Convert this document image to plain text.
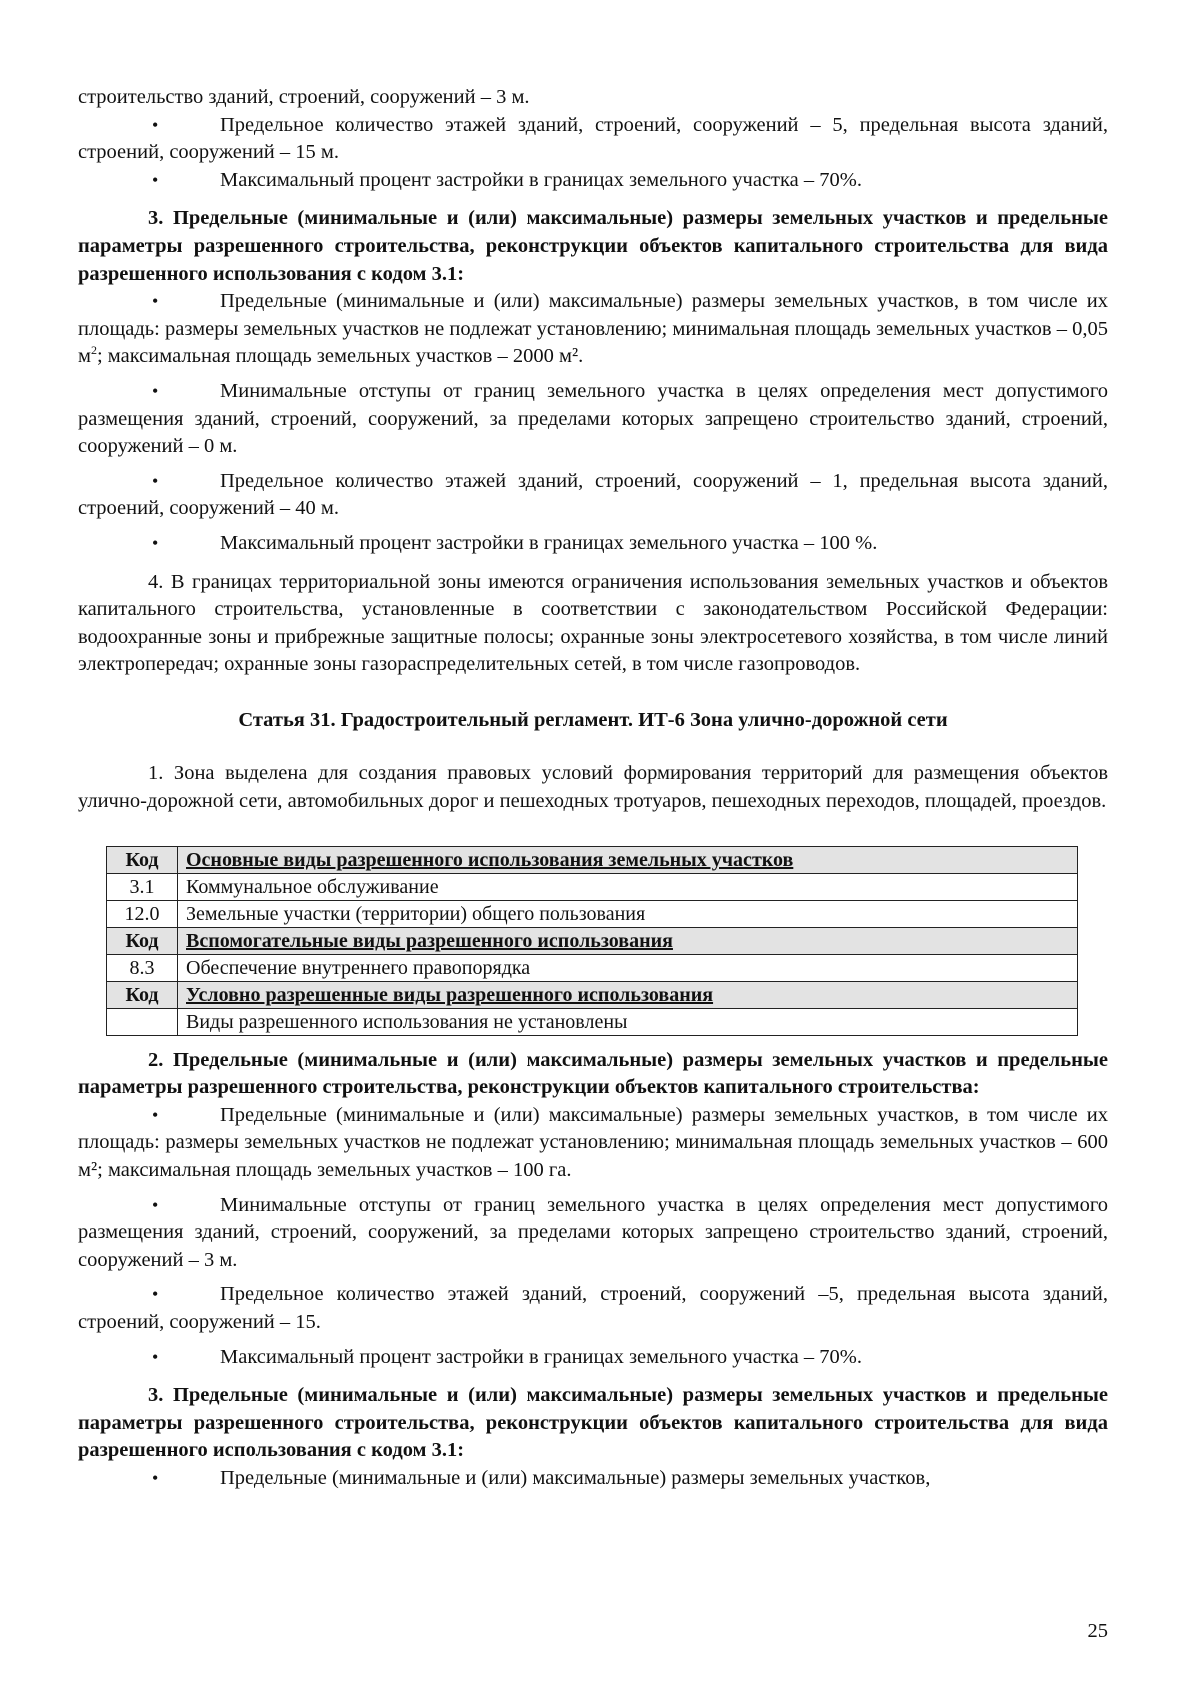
строительство зданий, строений, сооружений – 3 м.

•	Предельное количество этажей зданий, строений, сооружений – 5, предельная высота зданий, строений, сооружений – 15 м.

•	Максимальный процент застройки в границах земельного участка – 70%.

3. Предельные (минимальные и (или) максимальные) размеры земельных участков и предельные параметры разрешенного строительства, реконструкции объектов капитального строительства для вида разрешенного использования с кодом 3.1:

•	Предельные (минимальные и (или) максимальные) размеры земельных участков, в том числе их площадь: размеры земельных участков не подлежат установлению; минимальная площадь земельных участков – 0,05 $м^2$; максимальная площадь земельных участков – 2000 м².

•	Минимальные отступы от границ земельного участка в целях определения мест допустимого размещения зданий, строений, сооружений, за пределами которых запрещено строительство зданий, строений, сооружений – 0 м.

•	Предельное количество этажей зданий, строений, сооружений – 1, предельная высота зданий, строений, сооружений – 40 м.

•	Максимальный процент застройки в границах земельного участка – 100 %.

4. В границах территориальной зоны имеются ограничения использования земельных участков и объектов капитального строительства, установленные в соответствии с законодательством Российской Федерации: водоохранные зоны и прибрежные защитные полосы; охранные зоны электросетевого хозяйства, в том числе линий электропередач; охранные зоны газораспределительных сетей, в том числе газопроводов.

Статья 31. Градостроительный регламент. ИТ-6 Зона улично-дорожной сети

1. Зона выделена для создания правовых условий формирования территорий для размещения объектов улично-дорожной сети, автомобильных дорог и пешеходных тротуаров, пешеходных переходов, площадей, проездов.

Код	Основные виды разрешенного использования земельных участков
3.1	Коммунальное обслуживание
12.0	Земельные участки (территории) общего пользования
Код	Вспомогательные виды разрешенного использования
8.3	Обеспечение внутреннего правопорядка
Код	Условно разрешенные виды разрешенного использования
	Виды разрешенного использования не установлены

2. Предельные (минимальные и (или) максимальные) размеры земельных участков и предельные параметры разрешенного строительства, реконструкции объектов капитального строительства:

•	Предельные (минимальные и (или) максимальные) размеры земельных участков, в том числе их площадь: размеры земельных участков не подлежат установлению; минимальная площадь земельных участков – 600 м²; максимальная площадь земельных участков – 100 га.

•	Минимальные отступы от границ земельного участка в целях определения мест допустимого размещения зданий, строений, сооружений, за пределами которых запрещено строительство зданий, строений, сооружений – 3 м.

•	Предельное количество этажей зданий, строений, сооружений –5, предельная высота зданий, строений, сооружений – 15.

•	Максимальный процент застройки в границах земельного участка – 70%.

3. Предельные (минимальные и (или) максимальные) размеры земельных участков и предельные параметры разрешенного строительства, реконструкции объектов капитального строительства для вида разрешенного использования с кодом 3.1:

•	Предельные (минимальные и (или) максимальные) размеры земельных участков,

25
